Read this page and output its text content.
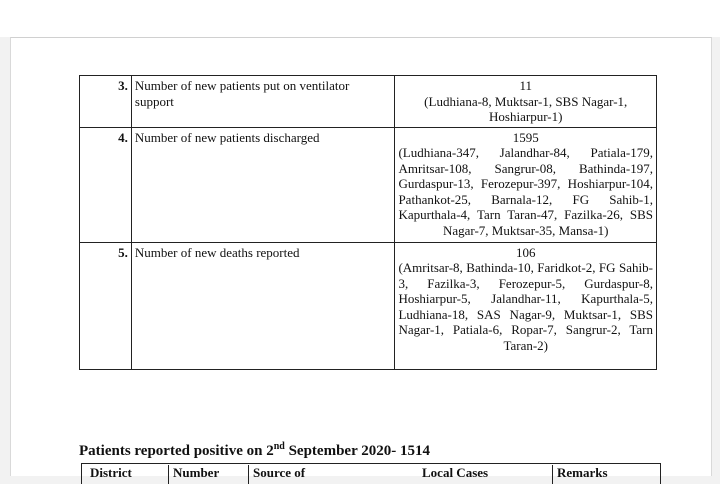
3.	Number of new patients put on ventilator support	11
(Ludhiana-8, Muktsar-1, SBS Nagar-1, Hoshiarpur-1)

4.	Number of new patients discharged	1595
(Ludhiana-347, Jalandhar-84, Patiala-179, Amritsar-108, Sangrur-08, Bathinda-197, Gurdaspur-13, Ferozepur-397, Hoshiarpur-104, Pathankot-25, Barnala-12, FG Sahib-1, Kapurthala-4, Tarn Taran-47, Fazilka-26, SBS Nagar-7, Muktsar-35, Mansa-1)

5.	Number of new deaths reported	106
(Amritsar-8, Bathinda-10, Faridkot-2, FG Sahib-3, Fazilka-3, Ferozepur-5, Gurdaspur-8, Hoshiarpur-5, Jalandhar-11, Kapurthala-5, Ludhiana-18, SAS Nagar-9, Muktsar-1, SBS Nagar-1, Patiala-6, Ropar-7, Sangrur-2, Tarn Taran-2)
Patients reported positive on 2nd September 2020- 1514
District	Number	Source of	Local Cases	Remarks
